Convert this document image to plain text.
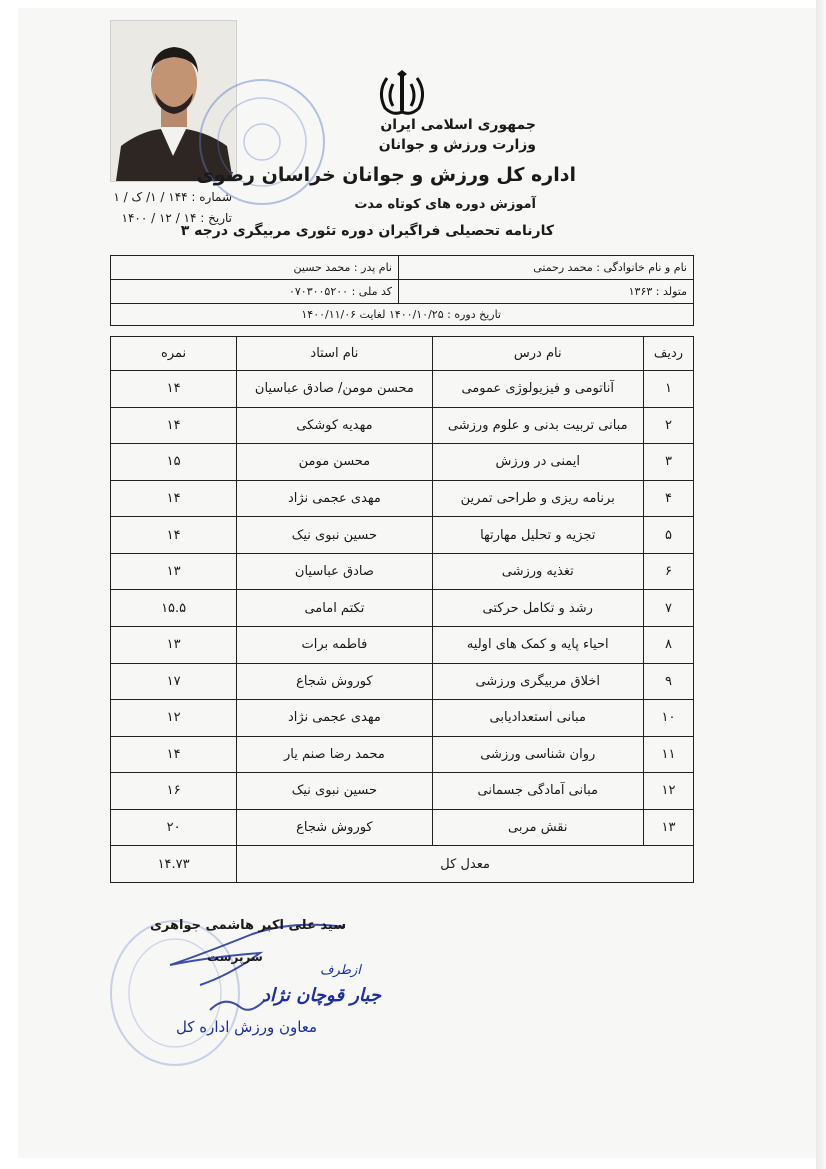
جمهوری اسلامی ایران
وزارت ورزش و جوانان
اداره کل ورزش و جوانان خراسان رضوی
آموزش دوره های کوتاه مدت
کارنامه تحصیلی فراگیران دوره تئوری مربیگری درجه ۳
شماره : ۱۴۴ / ۱/ ک / ۱
تاریخ : ۱۴ / ۱۲ / ۱۴۰۰
نام و نام خانوادگی : محمد رحمتی
نام پدر : محمد حسین
متولد : ۱۳۶۳
کد ملی : ۰۷۰۳۰۰۵۲۰۰
تاریخ دوره : ۱۴۰۰/۱۰/۲۵ لغایت ۱۴۰۰/۱۱/۰۶
ردیف	نام درس	نام استاد	نمره
۱	آناتومی و فیزیولوژی عمومی	محسن مومن/ صادق عباسیان	۱۴
۲	مبانی تربیت بدنی و علوم ورزشی	مهدیه کوشکی	۱۴
۳	ایمنی در ورزش	محسن مومن	۱۵
۴	برنامه ریزی و طراحی تمرین	مهدی عجمی نژاد	۱۴
۵	تجزیه و تحلیل مهارتها	حسین نبوی نیک	۱۴
۶	تغذیه ورزشی	صادق عباسیان	۱۳
۷	رشد و تکامل حرکتی	تکتم امامی	۱۵.۵
۸	احیاء پایه و کمک های اولیه	فاطمه برات	۱۳
۹	اخلاق مربیگری ورزشی	کوروش شجاع	۱۷
۱۰	مبانی استعدادیابی	مهدی عجمی نژاد	۱۲
۱۱	روان شناسی ورزشی	محمد رضا صنم یار	۱۴
۱۲	مبانی آمادگی جسمانی	حسین نبوی نیک	۱۶
۱۳	نقش مربی	کوروش شجاع	۲۰
معدل کل			۱۴.۷۳
سید علی اکبر هاشمی جواهری
سرپرست
ازطرف
جبار قوچان نژاد
معاون ورزش اداره کل
